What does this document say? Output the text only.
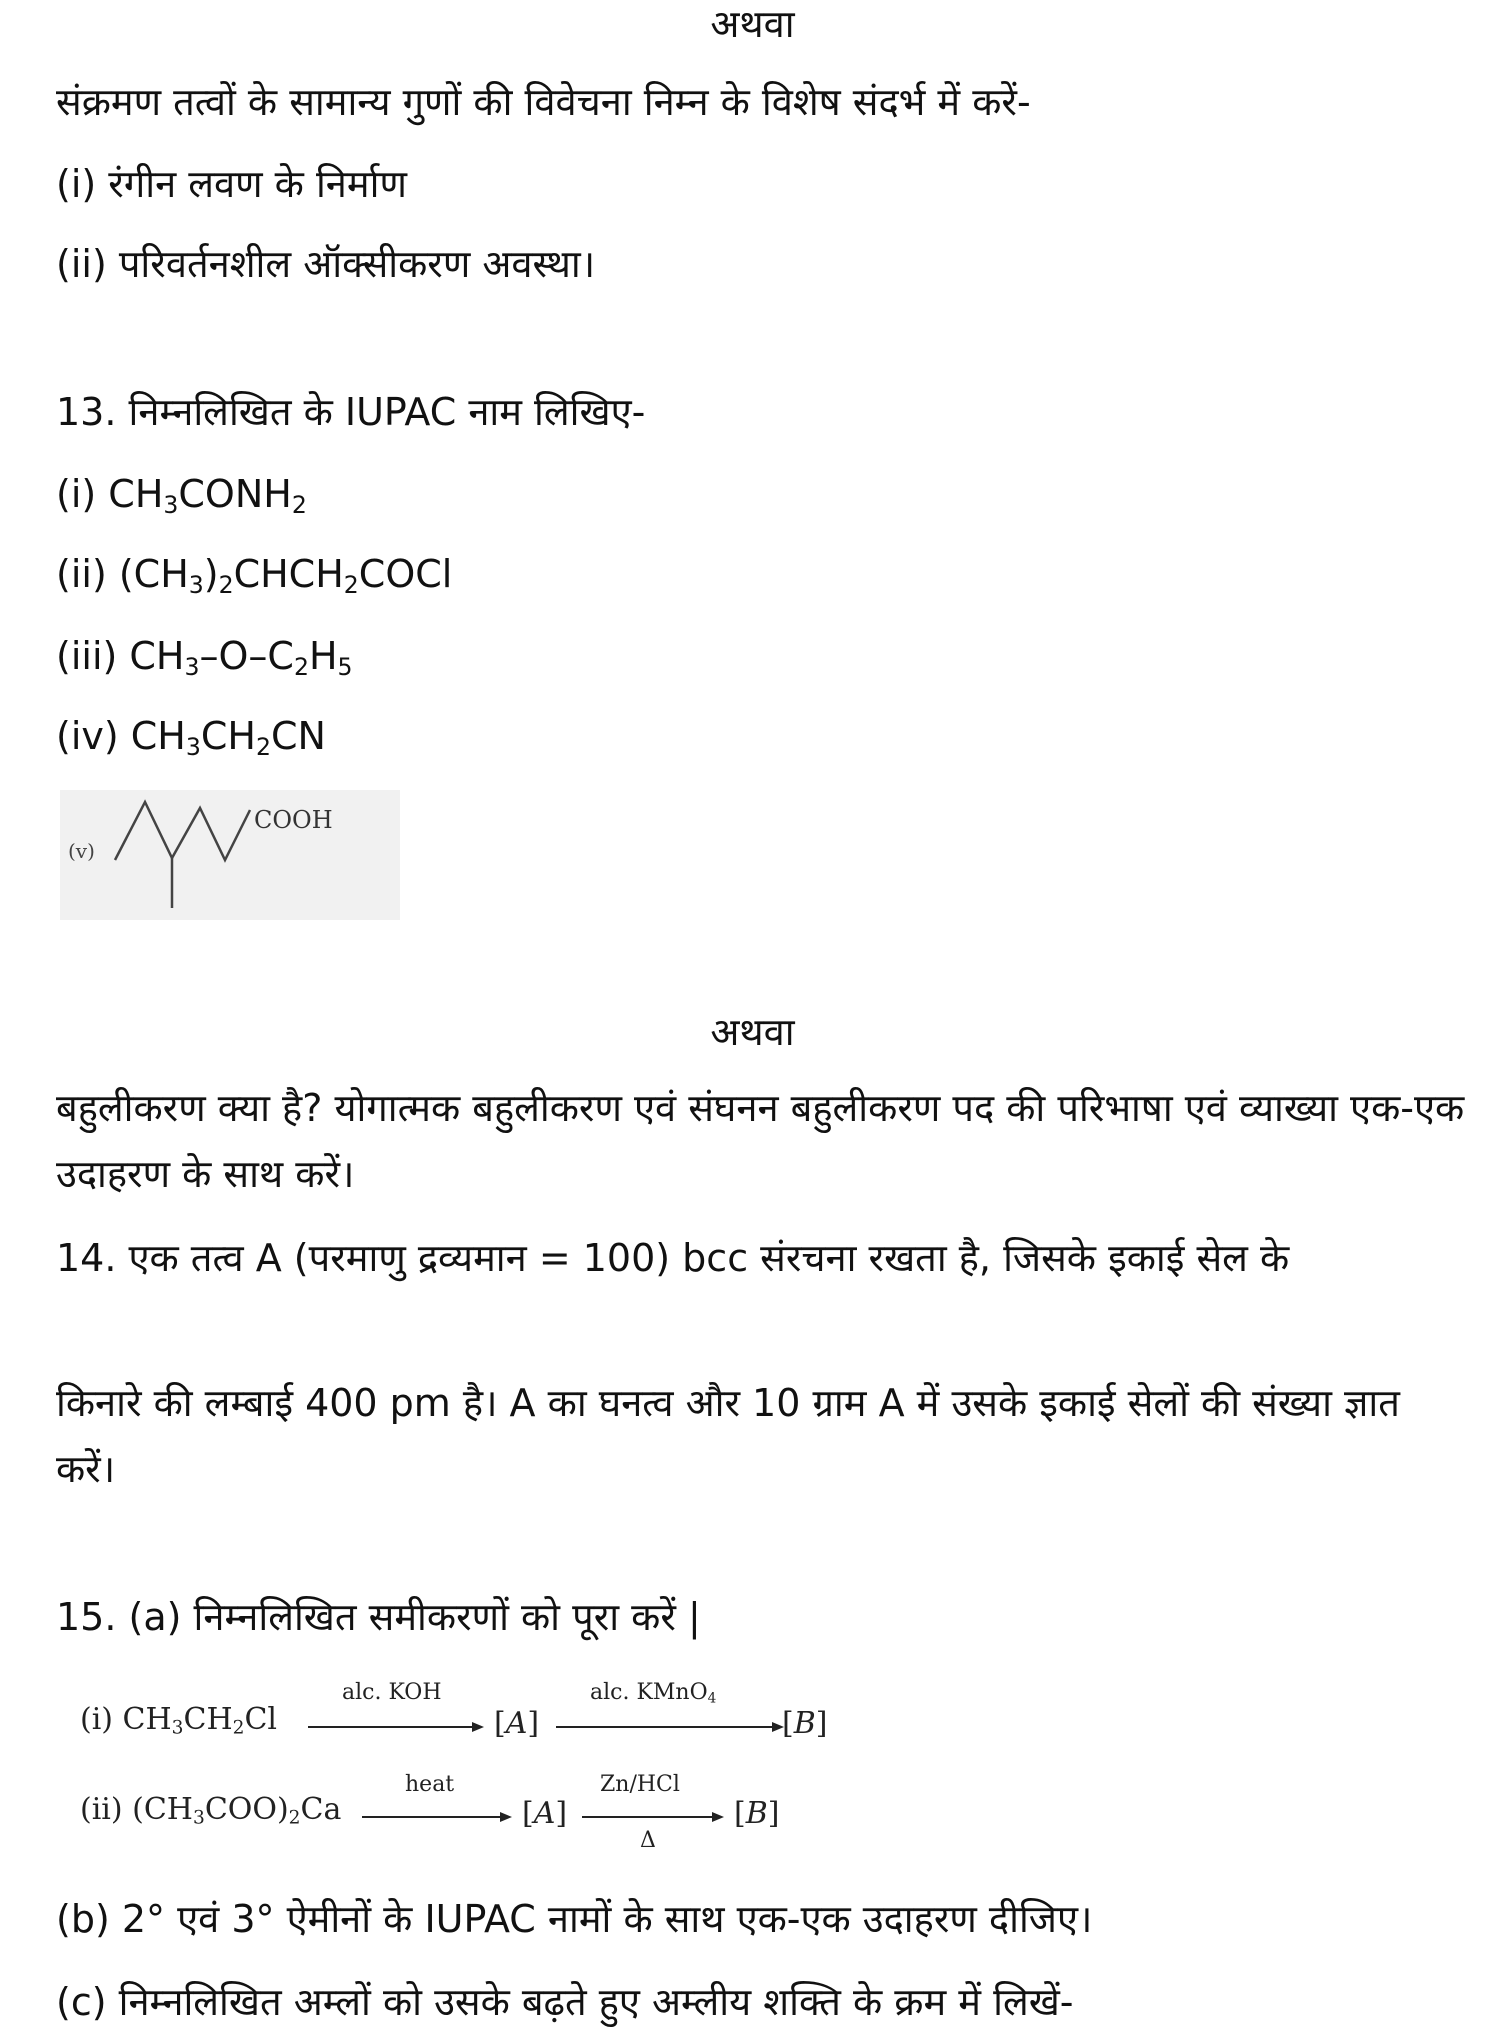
अथवा
संक्रमण तत्वों के सामान्य गुणों की विवेचना निम्न के विशेष संदर्भ में करें-
(i) रंगीन लवण के निर्माण
(ii) परिवर्तनशील ऑक्सीकरण अवस्था।
13. निम्नलिखित के IUPAC नाम लिखिए-
(i) $CH_3CONH_2$
(ii) $(CH_3)_2CHCH_2COCl$
(iii) $CH_3-O-C_2H_5$
(iv) $CH_3CH_2CN$
(v)
COOH
अथवा
बहुलीकरण क्या है? योगात्मक बहुलीकरण एवं संघनन बहुलीकरण पद की परिभाषा एवं व्याख्या एक-एक उदाहरण के साथ करें।
14. एक तत्व A (परमाणु द्रव्यमान = 100) bcc संरचना रखता है, जिसके इकाई सेल के
किनारे की लम्बाई 400 pm है। A का घनत्व और 10 ग्राम A में उसके इकाई सेलों की संख्या ज्ञात करें।
15. (a) निम्नलिखित समीकरणों को पूरा करें |
(i) $CH_3CH_2Cl$
alc. KOH
[A]
alc. KMnO$_4$
[B]
(ii) $(CH_3COO)_2Ca$
heat
[A]
Zn/HCl
Δ
[B]
(b) 2° एवं 3° ऐमीनों के IUPAC नामों के साथ एक-एक उदाहरण दीजिए।
(c) निम्नलिखित अम्लों को उसके बढ़ते हुए अम्लीय शक्ति के क्रम में लिखें-
